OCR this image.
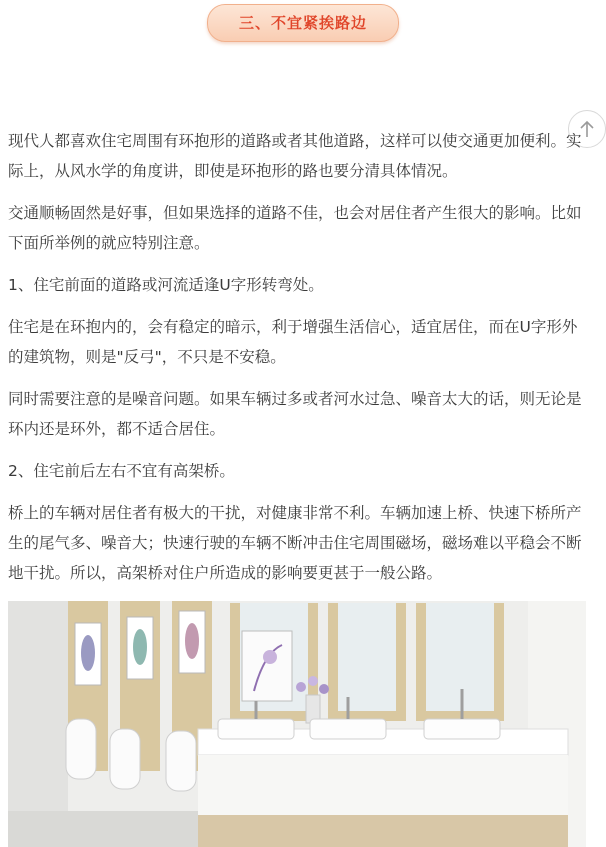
三、不宜紧挨路边

现代人都喜欢住宅周围有环抱形的道路或者其他道路，这样可以使交通更加便利。实际上，从风水学的角度讲，即使是环抱形的路也要分清具体情况。

交通顺畅固然是好事，但如果选择的道路不佳，也会对居住者产生很大的影响。比如下面所举例的就应特别注意。

1、住宅前面的道路或河流适逢U字形转弯处。

住宅是在环抱内的，会有稳定的暗示，利于增强生活信心，适宜居住，而在U字形外的建筑物，则是"反弓"，不只是不安稳。

同时需要注意的是噪音问题。如果车辆过多或者河水过急、噪音太大的话，则无论是环内还是环外，都不适合居住。

2、住宅前后左右不宜有高架桥。

桥上的车辆对居住者有极大的干扰，对健康非常不利。车辆加速上桥、快速下桥所产生的尾气多、噪音大；快速行驶的车辆不断冲击住宅周围磁场，磁场难以平稳会不断地干扰。所以，高架桥对住户所造成的影响要更甚于一般公路。
